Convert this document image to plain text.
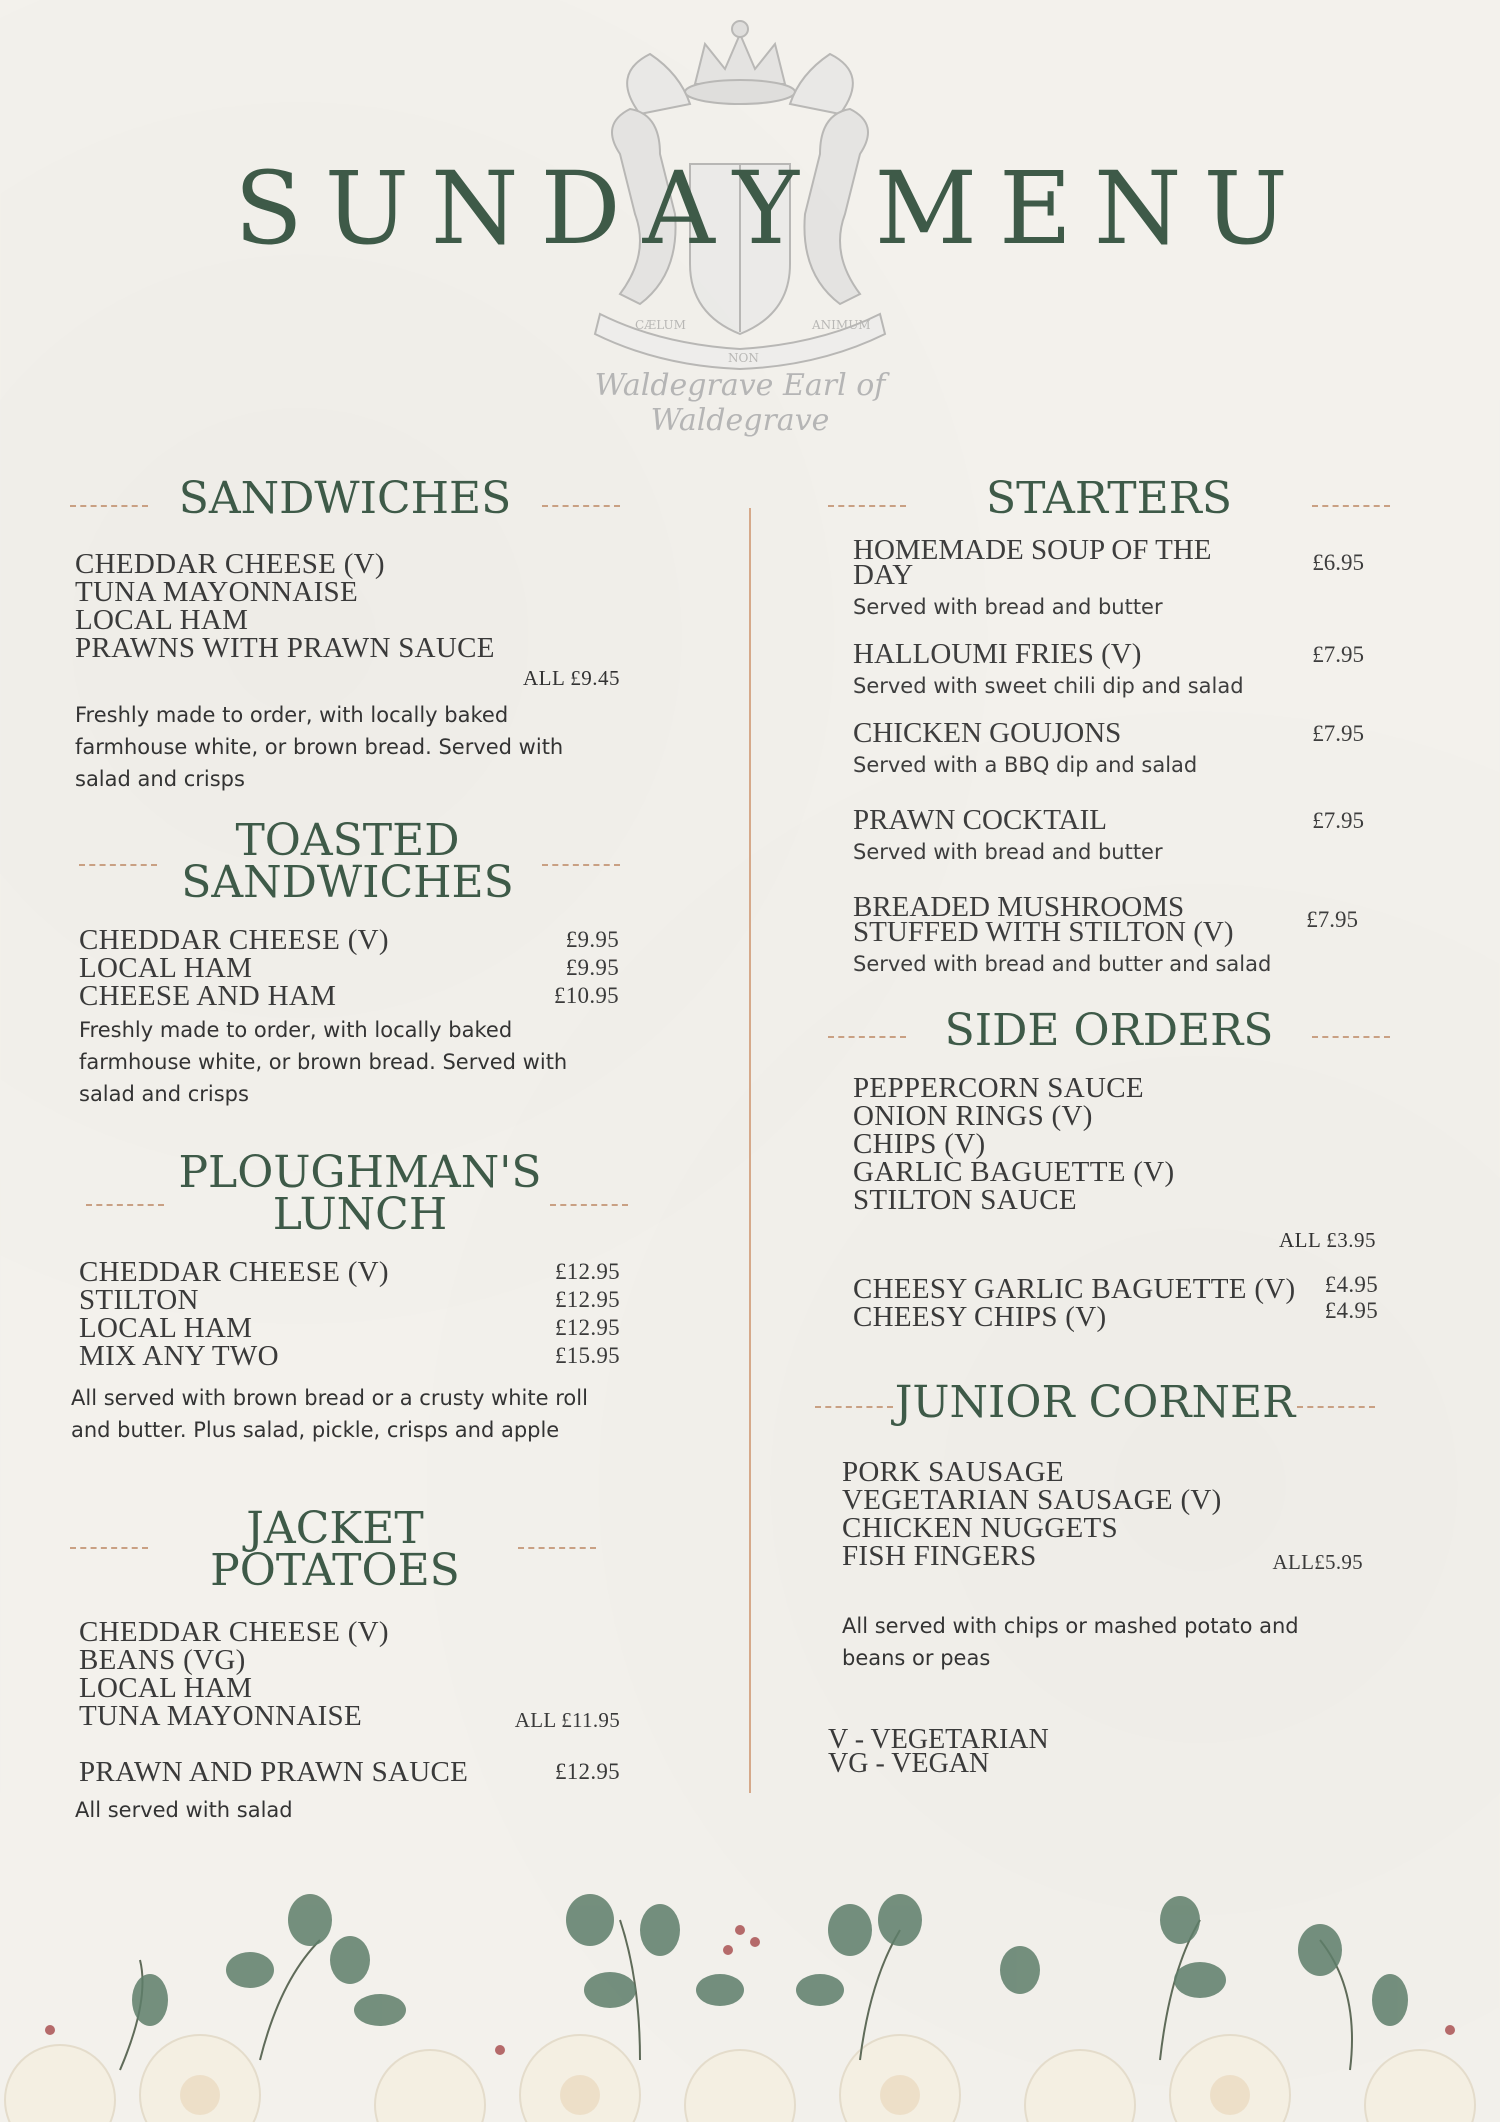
CÆLUM
NON
ANIMUM
Waldegrave Earl of Waldegrave
SUNDAY MENU
SANDWICHES
CHEDDAR CHEESE (V)
TUNA MAYONNAISE
LOCAL HAM
PRAWNS WITH PRAWN SAUCE
ALL £9.45
Freshly made to order, with locally baked farmhouse white, or brown bread. Served with salad and crisps
TOASTED
SANDWICHES
CHEDDAR CHEESE (V)	£9.95
LOCAL HAM	£9.95
CHEESE AND HAM	£10.95
Freshly made to order, with locally baked farmhouse white, or brown bread. Served with salad and crisps
PLOUGHMAN'S
LUNCH
CHEDDAR CHEESE (V)	£12.95
STILTON	£12.95
LOCAL HAM	£12.95
MIX ANY TWO	£15.95
All served with brown bread or a crusty white roll and butter. Plus salad, pickle, crisps and apple
JACKET
POTATOES
CHEDDAR CHEESE (V)
BEANS (VG)
LOCAL HAM
TUNA MAYONNAISE	ALL £11.95
PRAWN AND PRAWN SAUCE	£12.95
All served with salad
STARTERS
HOMEMADE SOUP OF THE DAY	£6.95
Served with bread and butter
HALLOUMI FRIES (V)	£7.95
Served with sweet chili dip and salad
CHICKEN GOUJONS	£7.95
Served with a BBQ dip and salad
PRAWN COCKTAIL	£7.95
Served with bread and butter
BREADED MUSHROOMS STUFFED WITH STILTON (V)	£7.95
Served with bread and butter and salad
SIDE ORDERS
PEPPERCORN SAUCE
ONION RINGS (V)
CHIPS (V)
GARLIC BAGUETTE (V)
STILTON SAUCE
ALL £3.95
CHEESY GARLIC BAGUETTE (V) £4.95
CHEESY CHIPS (V)	£4.95
JUNIOR CORNER
PORK SAUSAGE
VEGETARIAN SAUSAGE (V)
CHICKEN NUGGETS
FISH FINGERS	ALL£5.95
All served with chips or mashed potato and beans or peas
V - VEGETARIAN
VG - VEGAN
